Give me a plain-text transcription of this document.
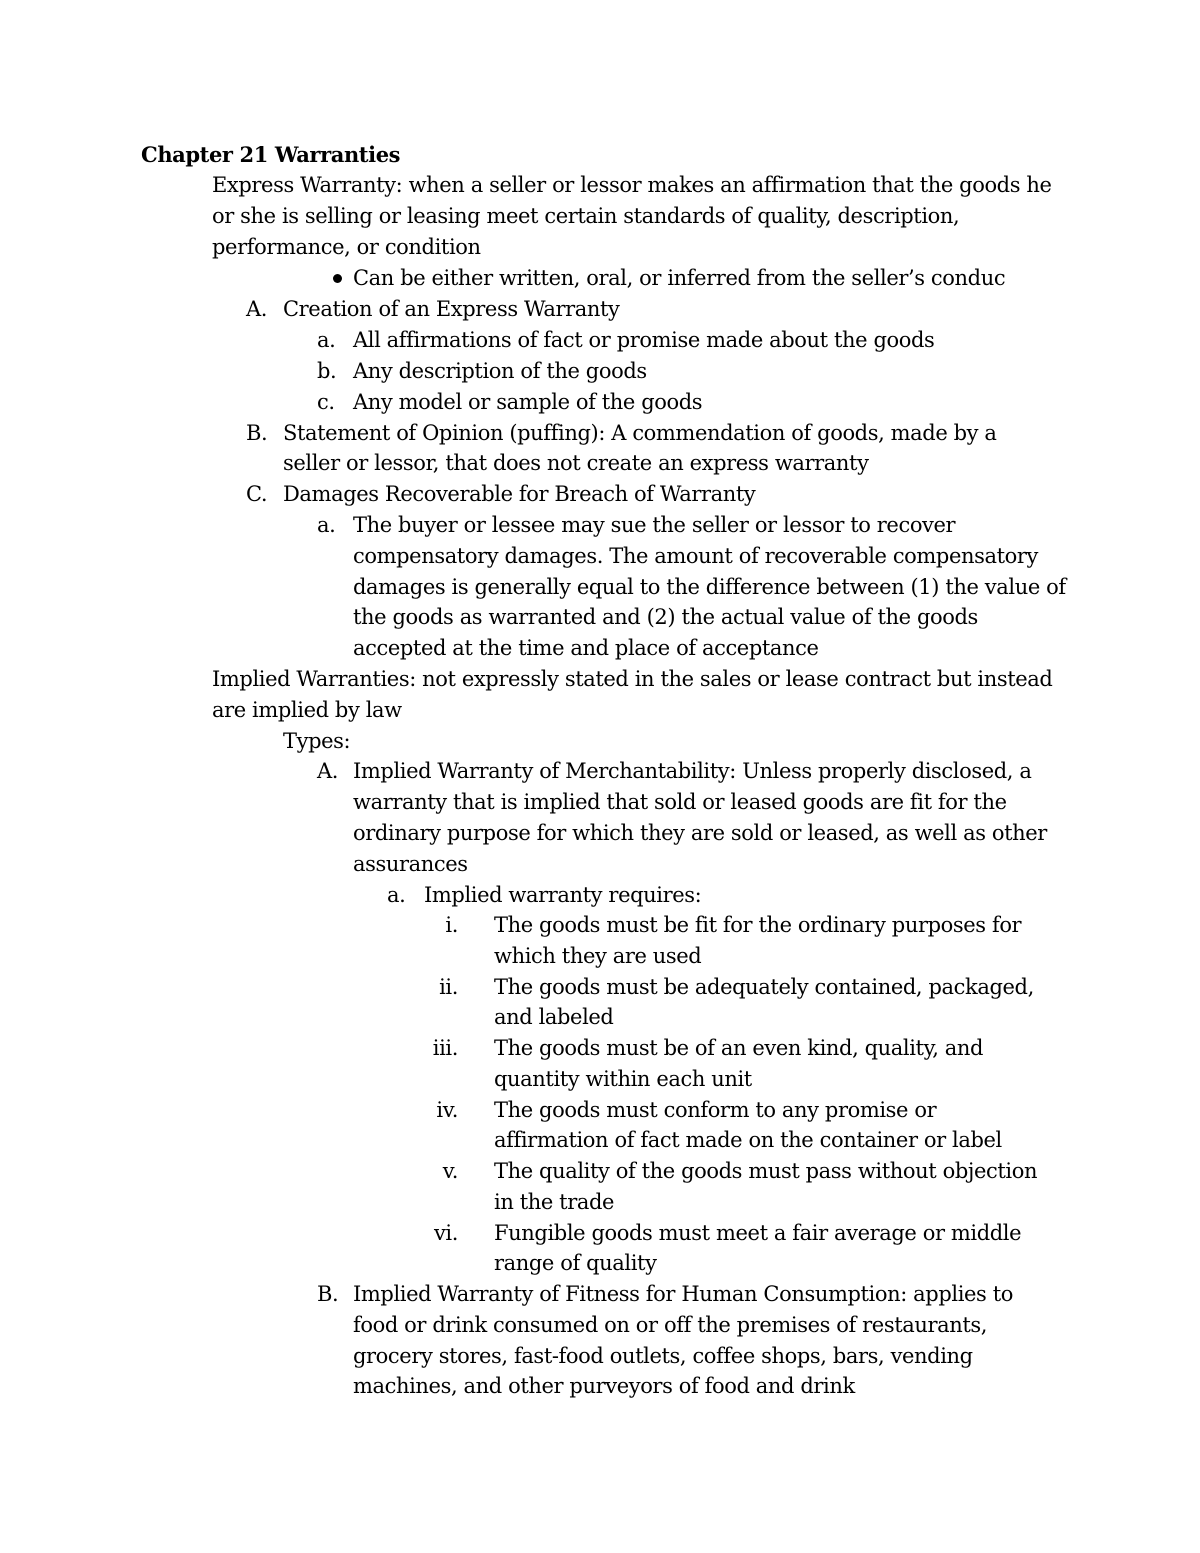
Chapter 21 Warranties
Express Warranty: when a seller or lessor makes an affirmation that the goods he
or she is selling or leasing meet certain standards of quality, description,
performance, or condition
Can be either written, oral, or inferred from the seller’s conduc
A. Creation of an Express Warranty
a. All affirmations of fact or promise made about the goods
b. Any description of the goods
c. Any model or sample of the goods
B. Statement of Opinion (puffing): A commendation of goods, made by a
seller or lessor, that does not create an express warranty
C. Damages Recoverable for Breach of Warranty
a. The buyer or lessee may sue the seller or lessor to recover
compensatory damages. The amount of recoverable compensatory
damages is generally equal to the difference between (1) the value of
the goods as warranted and (2) the actual value of the goods
accepted at the time and place of acceptance
Implied Warranties: not expressly stated in the sales or lease contract but instead
are implied by law
Types:
A. Implied Warranty of Merchantability: Unless properly disclosed, a
warranty that is implied that sold or leased goods are fit for the
ordinary purpose for which they are sold or leased, as well as other
assurances
a. Implied warranty requires:
i. The goods must be fit for the ordinary purposes for
which they are used
ii. The goods must be adequately contained, packaged,
and labeled
iii. The goods must be of an even kind, quality, and
quantity within each unit
iv. The goods must conform to any promise or
affirmation of fact made on the container or label
v. The quality of the goods must pass without objection
in the trade
vi. Fungible goods must meet a fair average or middle
range of quality
B. Implied Warranty of Fitness for Human Consumption: applies to
food or drink consumed on or off the premises of restaurants,
grocery stores, fast-food outlets, coffee shops, bars, vending
machines, and other purveyors of food and drink
